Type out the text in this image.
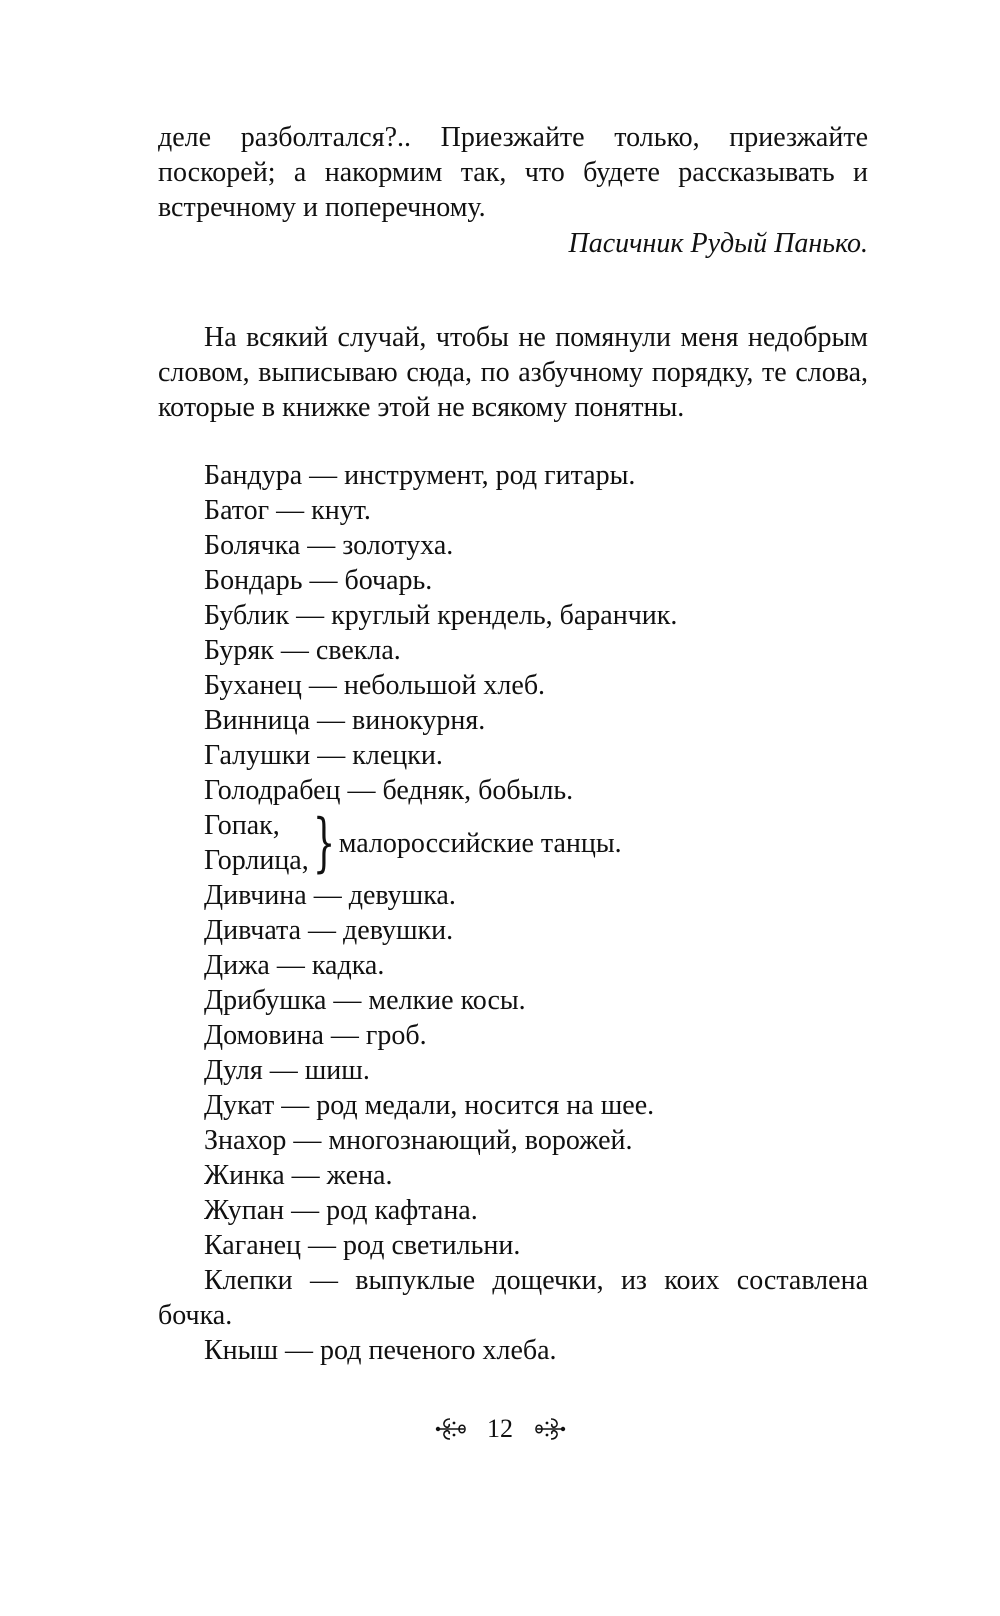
деле разболтался?.. Приезжайте только, приезжайте поскорей; а накормим так, что будете рассказывать и встречному и поперечному.
Пасичник Рудый Панько.
На всякий случай, чтобы не помянули меня недобрым словом, выписываю сюда, по азбучному порядку, те слова, которые в книжке этой не всякому понятны.
Бандура — инструмент, род гитары.
Батог — кнут.
Болячка — золотуха.
Бондарь — бочарь.
Бублик — круглый крендель, баранчик.
Буряк — свекла.
Буханец — небольшой хлеб.
Винница — винокурня.
Галушки — клецки.
Голодрабец — бедняк, бобыль.
Гопак,
Горлица, } малороссийские танцы.
Дивчина — девушка.
Дивчата — девушки.
Дижа — кадка.
Дрибушка — мелкие косы.
Домовина — гроб.
Дуля — шиш.
Дукат — род медали, носится на шее.
Знахор — многознающий, ворожей.
Жинка — жена.
Жупан — род кафтана.
Каганец — род светильни.
Клепки — выпуклые дощечки, из коих составлена бочка.
Кныш — род печеного хлеба.
12
